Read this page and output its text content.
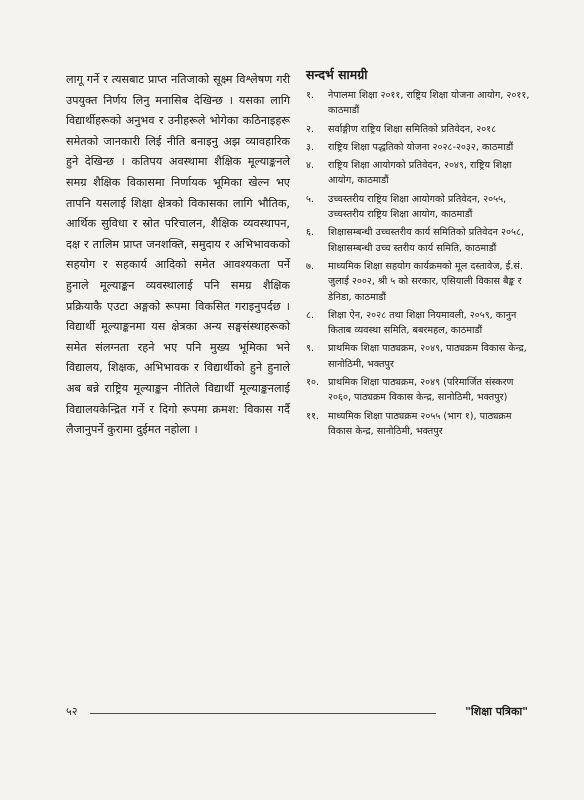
लागू गर्ने र त्यसबाट प्राप्त नतिजाको सूक्ष्म विश्लेषण गरी उपयुक्त निर्णय लिनु मनासिब देखिन्छ । यसका लागि विद्यार्थीहरूको अनुभव र उनीहरूले भोगेका कठिनाइहरू समेतको जानकारी लिई नीति बनाइनु अझ व्यावहारिक हुने देखिन्छ । कतिपय अवस्थामा शैक्षिक मूल्याङ्कनले समग्र शैक्षिक विकासमा निर्णायक भूमिका खेल्न भए तापनि यसलाई शिक्षा क्षेत्रको विकासका लागि भौतिक, आर्थिक सुविधा र स्रोत परिचालन, शैक्षिक व्यवस्थापन, दक्ष र तालिम प्राप्त जनशक्ति, समुदाय र अभिभावकको सहयोग र सहकार्य आदिको समेत आवश्यकता पर्ने हुनाले मूल्याङ्कन व्यवस्थालाई पनि समग्र शैक्षिक प्रक्रियाकै एउटा अङ्गको रूपमा विकसित गराइनुपर्दछ । विद्यार्थी मूल्याङ्कनमा यस क्षेत्रका अन्य सङ्घसंस्थाहरूको समेत संलग्नता रहने भए पनि मुख्य भूमिका भने विद्यालय, शिक्षक, अभिभावक र विद्यार्थीको हुने हुनाले अब बन्ने राष्ट्रिय मूल्याङ्कन नीतिले विद्यार्थी मूल्याङ्कनलाई विद्यालयकेन्द्रित गर्ने र दिगो रूपमा क्रमश: विकास गर्दै लैजानुपर्ने कुरामा दुईमत नहोला ।

सन्दर्भ सामग्री
१.	नेपालमा शिक्षा २०११, राष्ट्रिय शिक्षा योजना आयोग, २०११, काठमाडौं
२.	सर्वाङ्गीण राष्ट्रिय शिक्षा समितिको प्रतिवेदन, २०१८
३.	राष्ट्रिय शिक्षा पद्धतिको योजना २०२८-२०३२, काठमाडौं
४.	राष्ट्रिय शिक्षा आयोगको प्रतिवेदन, २०४९, राष्ट्रिय शिक्षा आयोग, काठमाडौं
५.	उच्चस्तरीय राष्ट्रिय शिक्षा आयोगको प्रतिवेदन, २०५५, उच्चस्तरीय राष्ट्रिय शिक्षा आयोग, काठमाडौं
६.	शिक्षासम्बन्धी उच्चस्तरीय कार्य समितिको प्रतिवेदन २०५८, शिक्षासम्बन्धी उच्च स्तरीय कार्य समिति, काठमाडौं
७.	माध्यमिक शिक्षा सहयोग कार्यक्रमको मूल दस्तावेज, ई.सं. जुलाई २००२, श्री ५ को सरकार, एसियाली विकास बैङ्क र डेनिडा, काठमाडौं
८.	शिक्षा ऐन, २०२८ तथा शिक्षा नियमावली, २०५९, कानुन किताब व्यवस्था समिति, बबरमहल, काठमाडौं
९.	प्राथमिक शिक्षा पाठ्यक्रम, २०४९, पाठ्यक्रम विकास केन्द्र, सानोठिमी, भक्तपुर
१०. प्राथमिक शिक्षा पाठ्यक्रम, २०४९ (परिमार्जित संस्करण २०६०, पाठ्यक्रम विकास केन्द्र, सानोठिमी, भक्तपुर)
११. माध्यमिक शिक्षा पाठ्यक्रम २०५५ (भाग १), पाठ्यक्रम विकास केन्द्र, सानोठिमी, भक्तपुर
५२	"शिक्षा पत्रिका"
